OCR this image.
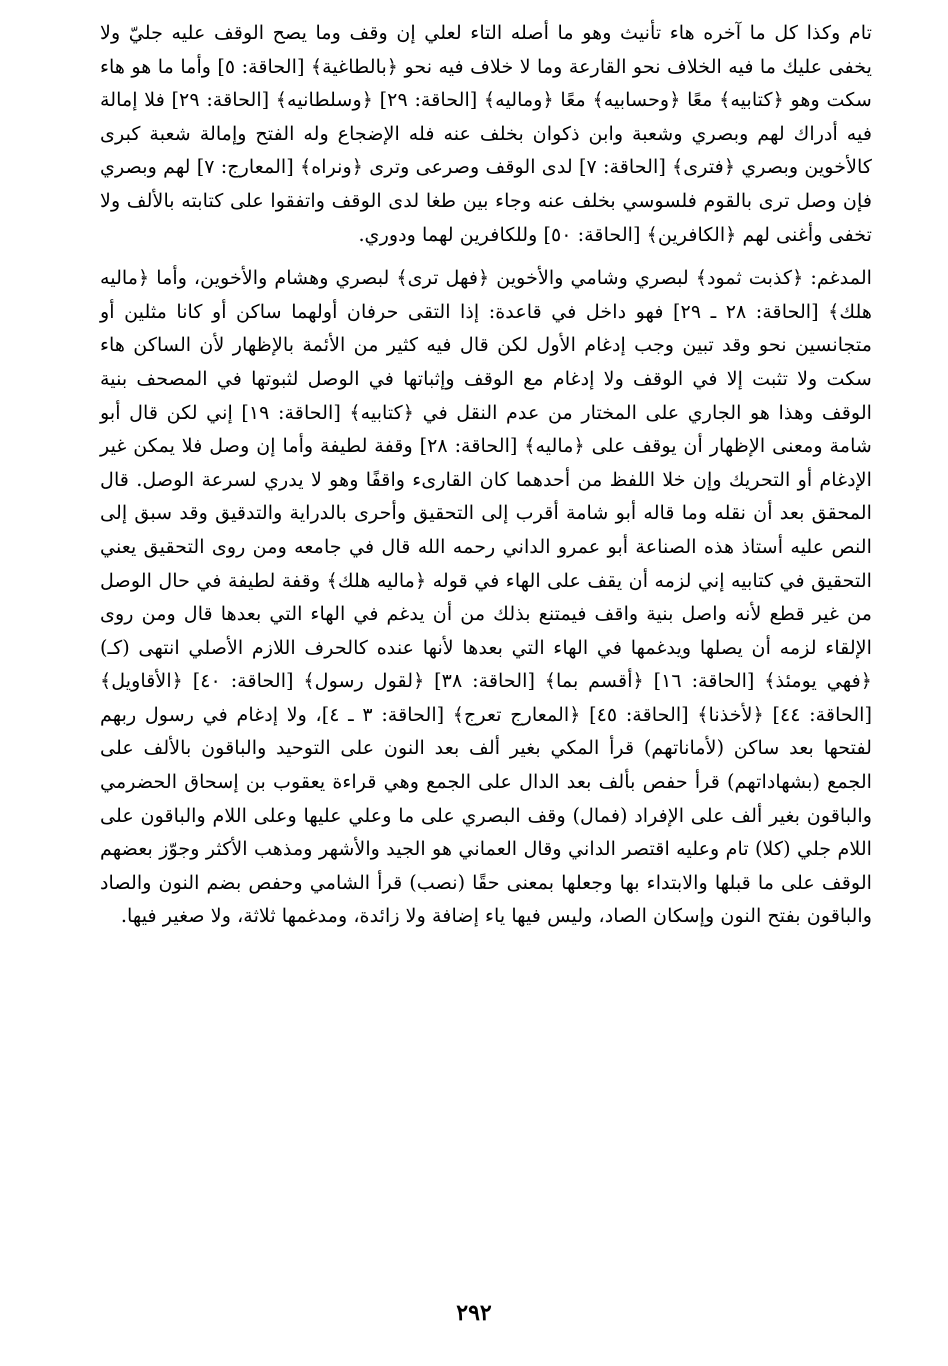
تام وكذا كل ما آخره هاء تأنيث وهو ما أصله التاء لعلي إن وقف وما يصح الوقف عليه جليّ ولا يخفى عليك ما فيه الخلاف نحو القارعة وما لا خلاف فيه نحو ﴿بالطاغية﴾ [الحاقة: ٥] وأما ما هو هاء سكت وهو ﴿كتابيه﴾ معًا ﴿وحسابيه﴾ معًا ﴿وماليه﴾ [الحاقة: ٢٩] ﴿وسلطانيه﴾ [الحاقة: ٢٩] فلا إمالة فيه أدراك لهم وبصري وشعبة وابن ذكوان بخلف عنه فله الإضجاع وله الفتح وإمالة شعبة كبرى كالأخوين وبصري ﴿فترى﴾ [الحاقة: ٧] لدى الوقف وصرعى وترى ﴿ونراه﴾ [المعارج: ٧] لهم وبصري فإن وصل ترى بالقوم فلسوسي بخلف عنه وجاء بين طغا لدى الوقف واتفقوا على كتابته بالألف ولا تخفى وأغنى لهم ﴿الكافرين﴾ [الحاقة: ٥٠] وللكافرين لهما ودوري.

المدغم: ﴿كذبت ثمود﴾ لبصري وشامي والأخوين ﴿فهل ترى﴾ لبصري وهشام والأخوين، وأما ﴿ماليه هلك﴾ [الحاقة: ٢٨ ـ ٢٩] فهو داخل في قاعدة: إذا التقى حرفان أولهما ساكن أو كانا مثلين أو متجانسين نحو وقد تبين وجب إدغام الأول لكن قال فيه كثير من الأئمة بالإظهار لأن الساكن هاء سكت ولا تثبت إلا في الوقف ولا إدغام مع الوقف وإثباتها في الوصل لثبوتها في المصحف بنية الوقف وهذا هو الجاري على المختار من عدم النقل في ﴿كتابيه﴾ [الحاقة: ١٩] إني لكن قال أبو شامة ومعنى الإظهار أن يوقف على ﴿ماليه﴾ [الحاقة: ٢٨] وقفة لطيفة وأما إن وصل فلا يمكن غير الإدغام أو التحريك وإن خلا اللفظ من أحدهما كان القارىء واقفًا وهو لا يدري لسرعة الوصل. قال المحقق بعد أن نقله وما قاله أبو شامة أقرب إلى التحقيق وأحرى بالدراية والتدقيق وقد سبق إلى النص عليه أستاذ هذه الصناعة أبو عمرو الداني رحمه الله قال في جامعه ومن روى التحقيق يعني التحقيق في كتابيه إني لزمه أن يقف على الهاء في قوله ﴿ماليه هلك﴾ وقفة لطيفة في حال الوصل من غير قطع لأنه واصل بنية واقف فيمتنع بذلك من أن يدغم في الهاء التي بعدها قال ومن روى الإلقاء لزمه أن يصلها ويدغمها في الهاء التي بعدها لأنها عنده كالحرف اللازم الأصلي انتهى (كـ) ﴿فهي يومئذ﴾ [الحاقة: ١٦] ﴿أقسم بما﴾ [الحاقة: ٣٨] ﴿لقول رسول﴾ [الحاقة: ٤٠] ﴿الأقاويل﴾ [الحاقة: ٤٤] ﴿لأخذنا﴾ [الحاقة: ٤٥] ﴿المعارج تعرج﴾ [الحاقة: ٣ ـ ٤]، ولا إدغام في رسول ربهم لفتحها بعد ساكن (لأماناتهم) قرأ المكي بغير ألف بعد النون على التوحيد والباقون بالألف على الجمع (بشهاداتهم) قرأ حفص بألف بعد الدال على الجمع وهي قراءة يعقوب بن إسحاق الحضرمي والباقون بغير ألف على الإفراد (فمال) وقف البصري على ما وعلي عليها وعلى اللام والباقون على اللام جلي (كلا) تام وعليه اقتصر الداني وقال العماني هو الجيد والأشهر ومذهب الأكثر وجوّز بعضهم الوقف على ما قبلها والابتداء بها وجعلها بمعنى حقًا (نصب) قرأ الشامي وحفص بضم النون والصاد والباقون بفتح النون وإسكان الصاد، وليس فيها ياء إضافة ولا زائدة، ومدغمها ثلاثة، ولا صغير فيها.

٢٩٢
